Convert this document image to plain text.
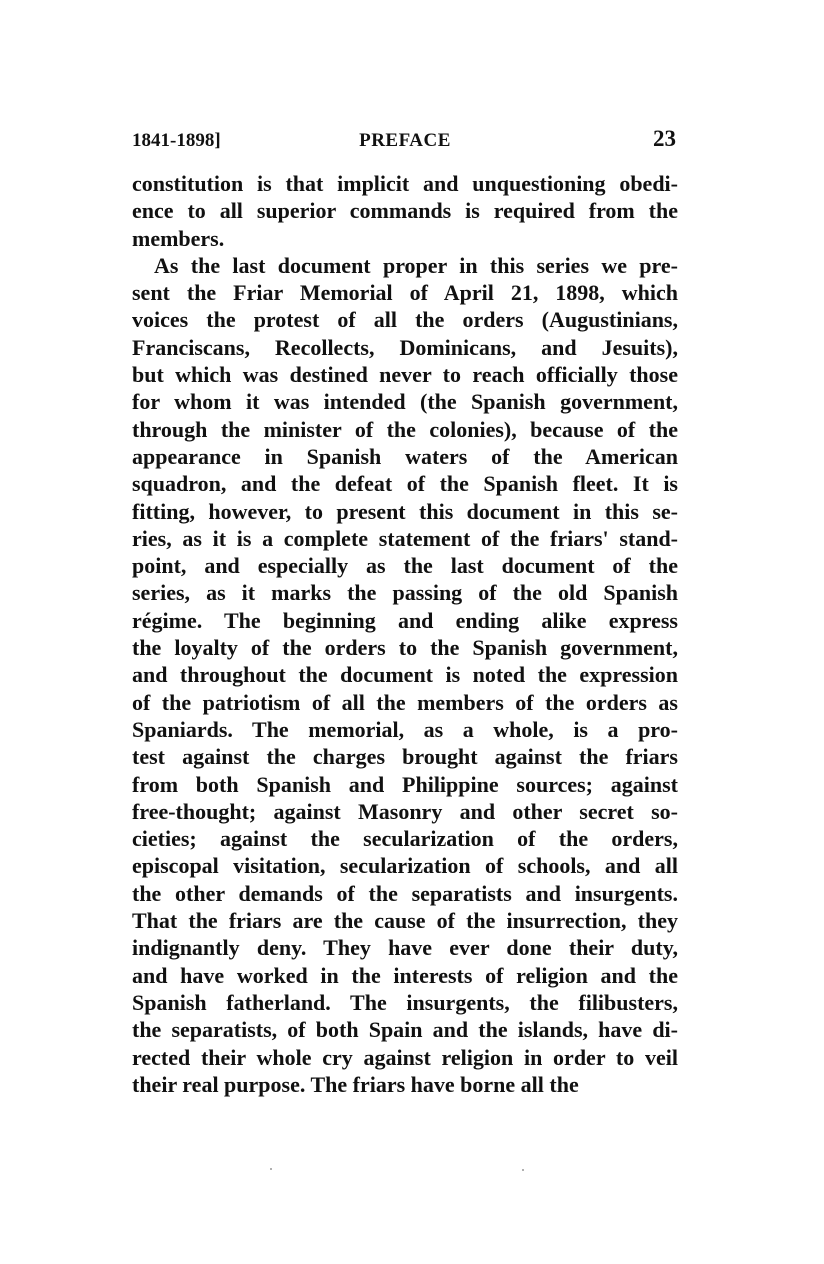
1841-1898]	PREFACE	23
constitution is that implicit and unquestioning obedi-
ence to all superior commands is required from the
members.
As the last document proper in this series we pre-
sent the Friar Memorial of April 21, 1898, which
voices the protest of all the orders (Augustinians,
Franciscans, Recollects, Dominicans, and Jesuits),
but which was destined never to reach officially those
for whom it was intended (the Spanish government,
through the minister of the colonies), because of the
appearance in Spanish waters of the American
squadron, and the defeat of the Spanish fleet. It is
fitting, however, to present this document in this se-
ries, as it is a complete statement of the friars' stand-
point, and especially as the last document of the
series, as it marks the passing of the old Spanish
régime. The beginning and ending alike express
the loyalty of the orders to the Spanish government,
and throughout the document is noted the expression
of the patriotism of all the members of the orders as
Spaniards. The memorial, as a whole, is a pro-
test against the charges brought against the friars
from both Spanish and Philippine sources; against
free-thought; against Masonry and other secret so-
cieties; against the secularization of the orders,
episcopal visitation, secularization of schools, and all
the other demands of the separatists and insurgents.
That the friars are the cause of the insurrection, they
indignantly deny. They have ever done their duty,
and have worked in the interests of religion and the
Spanish fatherland. The insurgents, the filibusters,
the separatists, of both Spain and the islands, have di-
rected their whole cry against religion in order to veil
their real purpose. The friars have borne all the
